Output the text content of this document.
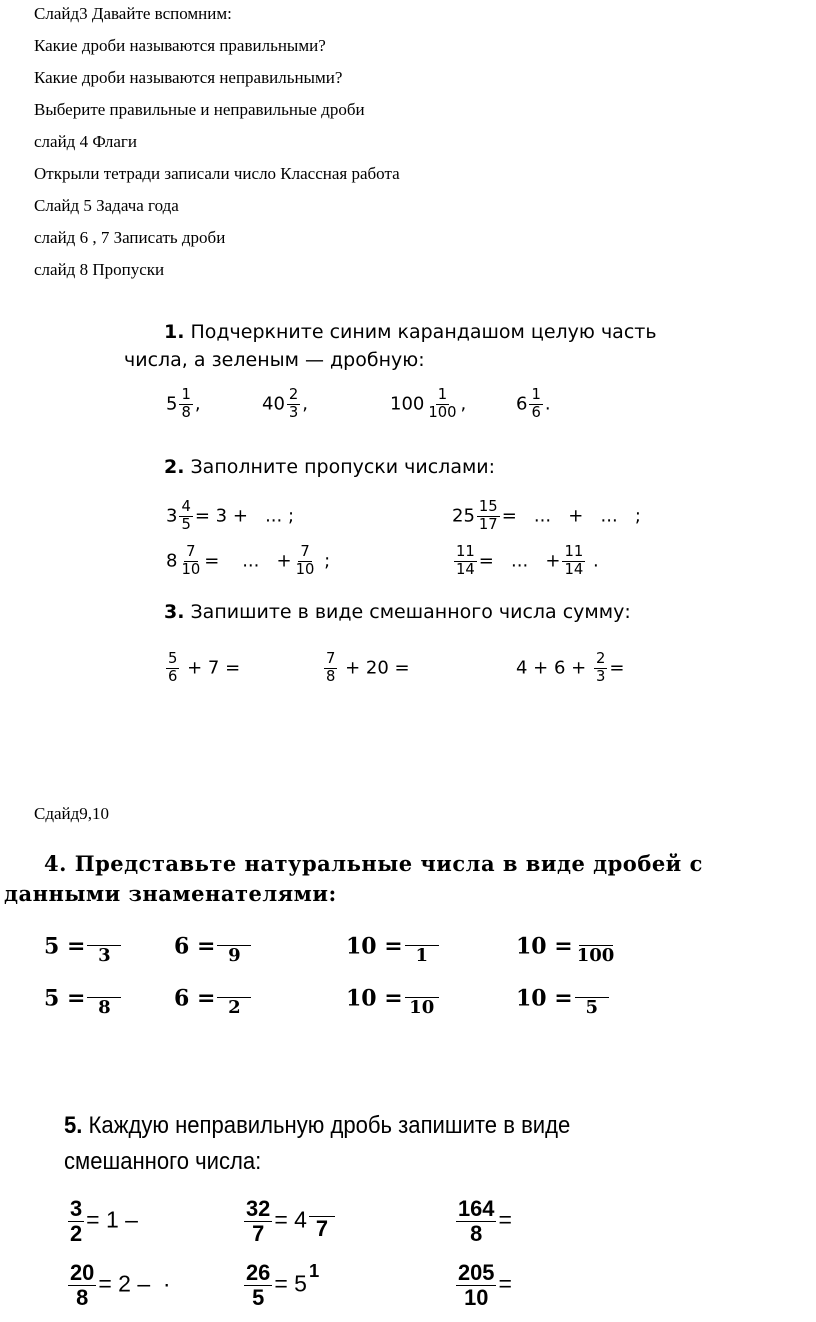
Слайд3 Давайте вспомним:
Какие дроби называются правильными?
Какие дроби называются неправильными?
Выберите правильные и неправильные дроби
слайд 4 Флаги
Открыли тетради записали число Классная работа
Слайд 5 Задача года
слайд 6 , 7 Записать дроби
слайд 8 Пропуски
1. Подчеркните синим карандашом целую часть
числа, а зеленым — дробную:
$5 \frac{1}{8}$ ,	$40 \frac{2}{3}$ ,	$100 \frac{1}{100}$ ,	$6 \frac{1}{6}$ .
2. Заполните пропуски числами:
$3 \frac{4}{5} = 3$ +   ... ;	$25 \frac{15}{17}$ =   ...   +   ...   ;
$8 \frac{7}{10}$ =    ...   + $\frac{7}{10}$ ;	$\frac{11}{14}$ =   ...   + $\frac{11}{14}$ .
3. Запишите в виде смешанного числа сумму:
$\frac{5}{6} + 7$ =	$\frac{7}{8} + 20$ =	$4 + 6 + \frac{2}{3}$ =
Сдайд9,10
4. Представьте натуральные числа в виде дробей с
данными знаменателями:
5 = 3	6 = 9	10 = 1	10 = 100
5 = 8	6 = 2	10 = 10	10 = 5
5. Каждую неправильную дробь запишите в виде
смешанного числа:
$\frac{3}{2} = 1$ –	$\frac{32}{7} = 4$ 7	$\frac{164}{8}$ =
$\frac{20}{8} = 2$ –  ·	$\frac{26}{5} = 5$ 1	$\frac{205}{10}$ =
